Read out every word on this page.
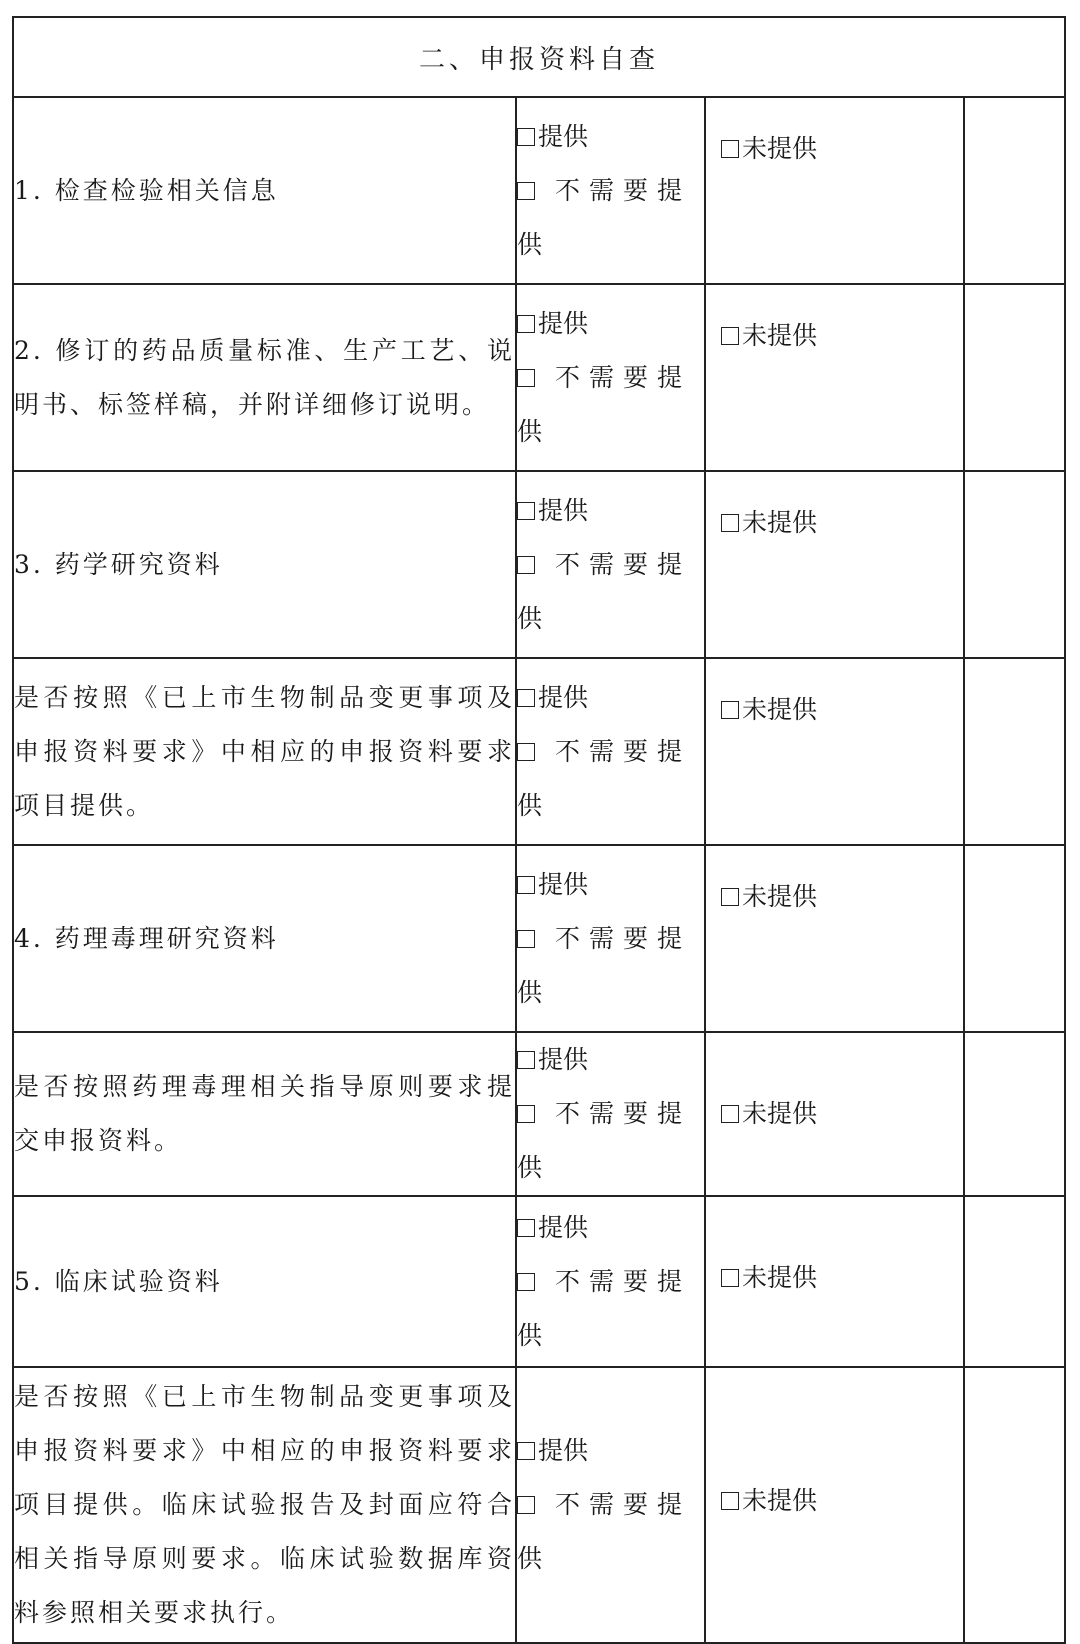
二、申报资料自查			
1. 检查检验相关信息	提供
不需要提
供	未提供	
2. 修订的药品质量标准、生产工艺、说明书、标签样稿，并附详细修订说明。	提供
不需要提
供	未提供	
3. 药学研究资料	提供
不需要提
供	未提供	
是否按照《已上市生物制品变更事项及申报资料要求》中相应的申报资料要求项目提供。	提供
不需要提
供	未提供	
4. 药理毒理研究资料	提供
不需要提
供	未提供	
是否按照药理毒理相关指导原则要求提交申报资料。	提供
不需要提
供	未提供	
5. 临床试验资料	提供
不需要提
供	未提供	
是否按照《已上市生物制品变更事项及申报资料要求》中相应的申报资料要求项目提供。临床试验报告及封面应符合相关指导原则要求。临床试验数据库资料参照相关要求执行。	提供
不需要提
供	未提供	
